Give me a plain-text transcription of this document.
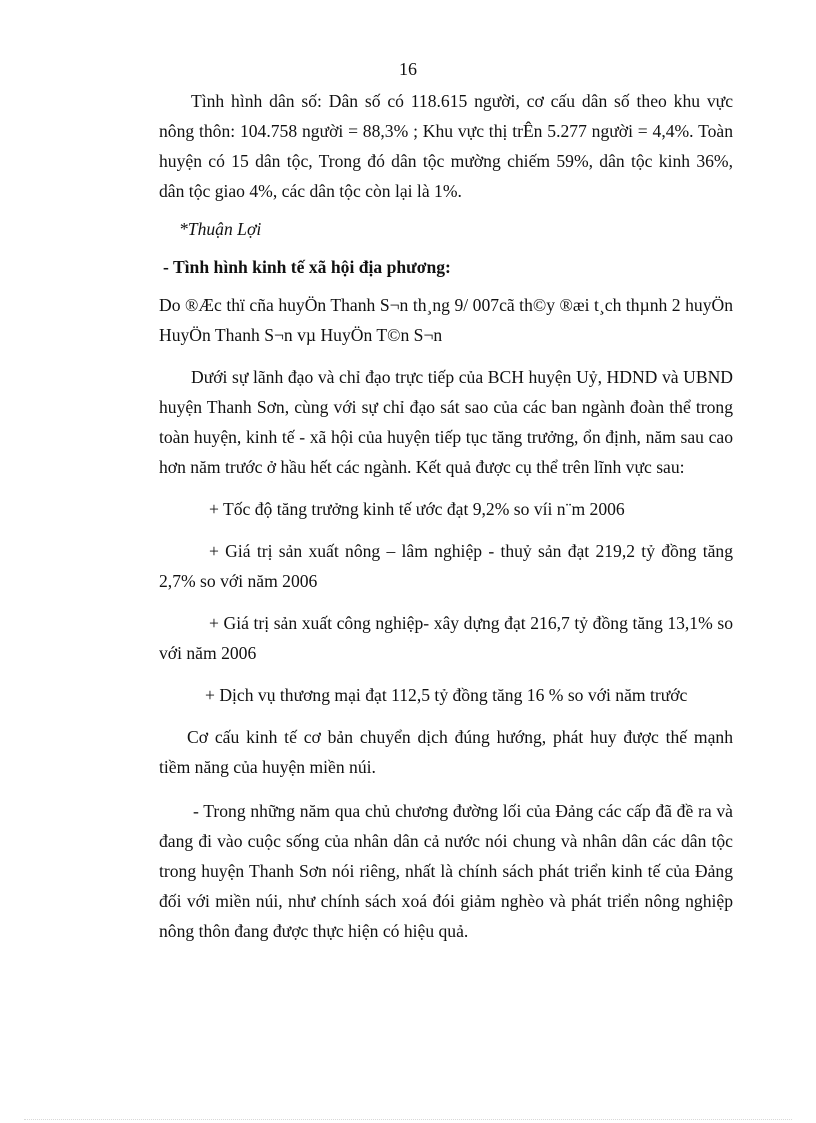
16

Tình hình dân số: Dân số có 118.615 người, cơ cấu dân số theo khu vực nông thôn: 104.758 người = 88,3% ; Khu vực thị trÊn 5.277 người = 4,4%. Toàn huyện có 15 dân tộc, Trong đó dân tộc mường chiếm 59%, dân tộc kinh 36%, dân tộc giao 4%, các dân tộc còn lại là 1%.

*Thuận Lợi

- Tình hình kinh tế xã hội địa phương:

Do ®Æc thï cña huyÖn Thanh S¬n th¸ng 9/ 007cã th©y ®æi t¸ch thµnh 2 huyÖn HuyÖn Thanh S¬n vµ HuyÖn T©n S¬n

Dưới sự lãnh đạo và chỉ đạo trực tiếp của BCH huyện Uỷ, HDND và UBND huyện Thanh Sơn, cùng với sự chỉ đạo sát sao của các ban ngành đoàn thể trong toàn huyện, kinh tế - xã hội của huyện tiếp tục tăng trưởng, ổn định, năm sau cao hơn năm trước ở hầu hết các ngành. Kết quả được cụ thể trên lĩnh vực sau:

+ Tốc độ tăng trưởng kinh tế ước đạt 9,2% so víi n¨m 2006

+ Giá trị sản xuất nông – lâm nghiệp - thuỷ sản đạt 219,2 tỷ đồng tăng 2,7% so với năm 2006

+ Giá trị sản xuất công nghiệp- xây dựng đạt 216,7 tỷ đồng tăng 13,1% so với năm 2006

+ Dịch vụ thương mại đạt 112,5 tỷ đồng tăng 16 % so với năm trước

Cơ cấu kinh tế cơ bản chuyển dịch đúng hướng, phát huy được thế mạnh tiềm năng của huyện miền núi.

- Trong những năm qua chủ chương đường lối của Đảng các cấp đã đề ra và đang đi vào cuộc sống của nhân dân cả nước nói chung và nhân dân các dân tộc trong huyện Thanh Sơn nói riêng, nhất là chính sách phát triển kinh tế của Đảng đối với miền núi, như chính sách xoá đói giảm nghèo và phát triển nông nghiệp nông thôn đang được thực hiện có hiệu quả.
